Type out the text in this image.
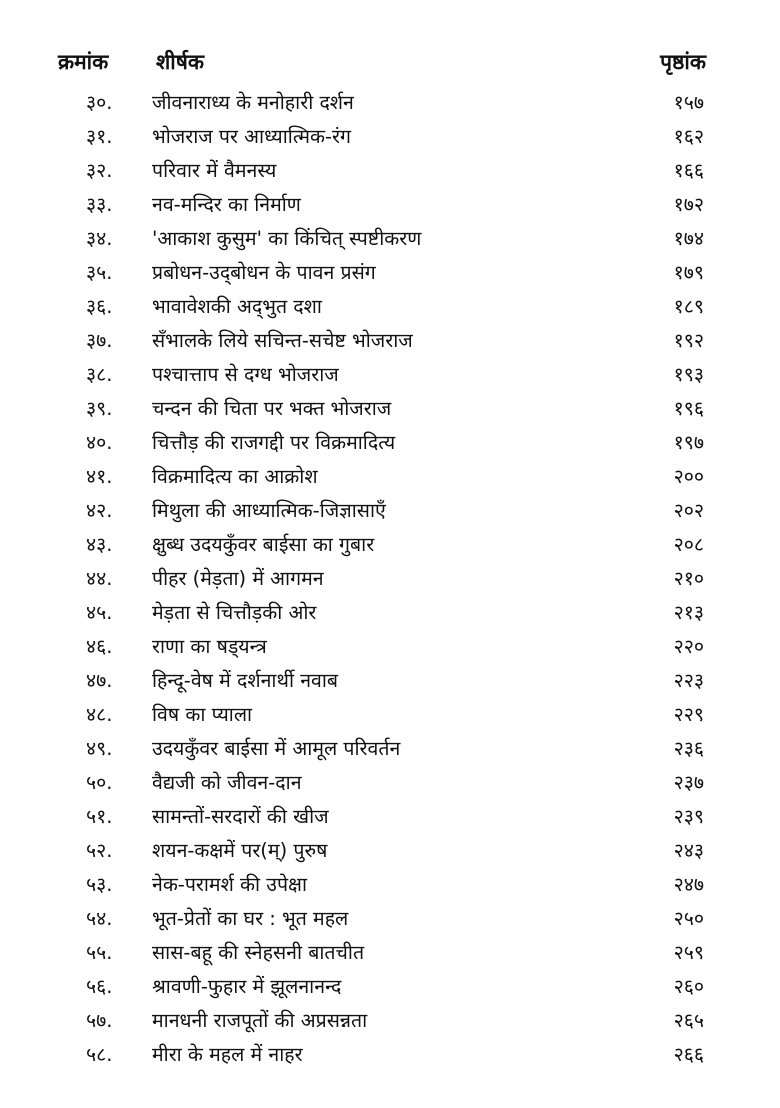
क्रमांक शीर्षक	पृष्ठांक
३०. जीवनाराध्य के मनोहारी दर्शन	१५७
३१. भोजराज पर आध्यात्मिक-रंग	१६२
३२. परिवार में वैमनस्य	१६६
३३. नव-मन्दिर का निर्माण	१७२
३४. 'आकाश कुसुम' का किंचित् स्पष्टीकरण	१७४
३५. प्रबोधन-उद्‌बोधन के पावन प्रसंग	१७९
३६. भावावेशकी अद्‌भुत दशा	१८९
३७. सँभालके लिये सचिन्त-सचेष्ट भोजराज	१९२
३८. पश्चात्ताप से दग्ध भोजराज	१९३
३९. चन्दन की चिता पर भक्त भोजराज	१९६
४०. चित्तौड़ की राजगद्दी पर विक्रमादित्य	१९७
४१. विक्रमादित्य का आक्रोश	२००
४२. मिथुला की आध्यात्मिक-जिज्ञासाएँ	२०२
४३. क्षुब्ध उदयकुँवर बाईसा का गुबार	२०८
४४. पीहर (मेड़ता) में आगमन	२१०
४५. मेड़ता से चित्तौड़की ओर	२१३
४६. राणा का षड्‌यन्त्र	२२०
४७. हिन्दू-वेष में दर्शनार्थी नवाब	२२३
४८. विष का प्याला	२२९
४९. उदयकुँवर बाईसा में आमूल परिवर्तन	२३६
५०. वैद्यजी को जीवन-दान	२३७
५१. सामन्तों-सरदारों की खीज	२३९
५२. शयन-कक्षमें पर(म्) पुरुष	२४३
५३. नेक-परामर्श की उपेक्षा	२४७
५४. भूत-प्रेतों का घर : भूत महल	२५०
५५. सास-बहू की स्नेहसनी बातचीत	२५९
५६. श्रावणी-फुहार में झूलनानन्द	२६०
५७. मानधनी राजपूतों की अप्रसन्नता	२६५
५८. मीरा के महल में नाहर	२६६
